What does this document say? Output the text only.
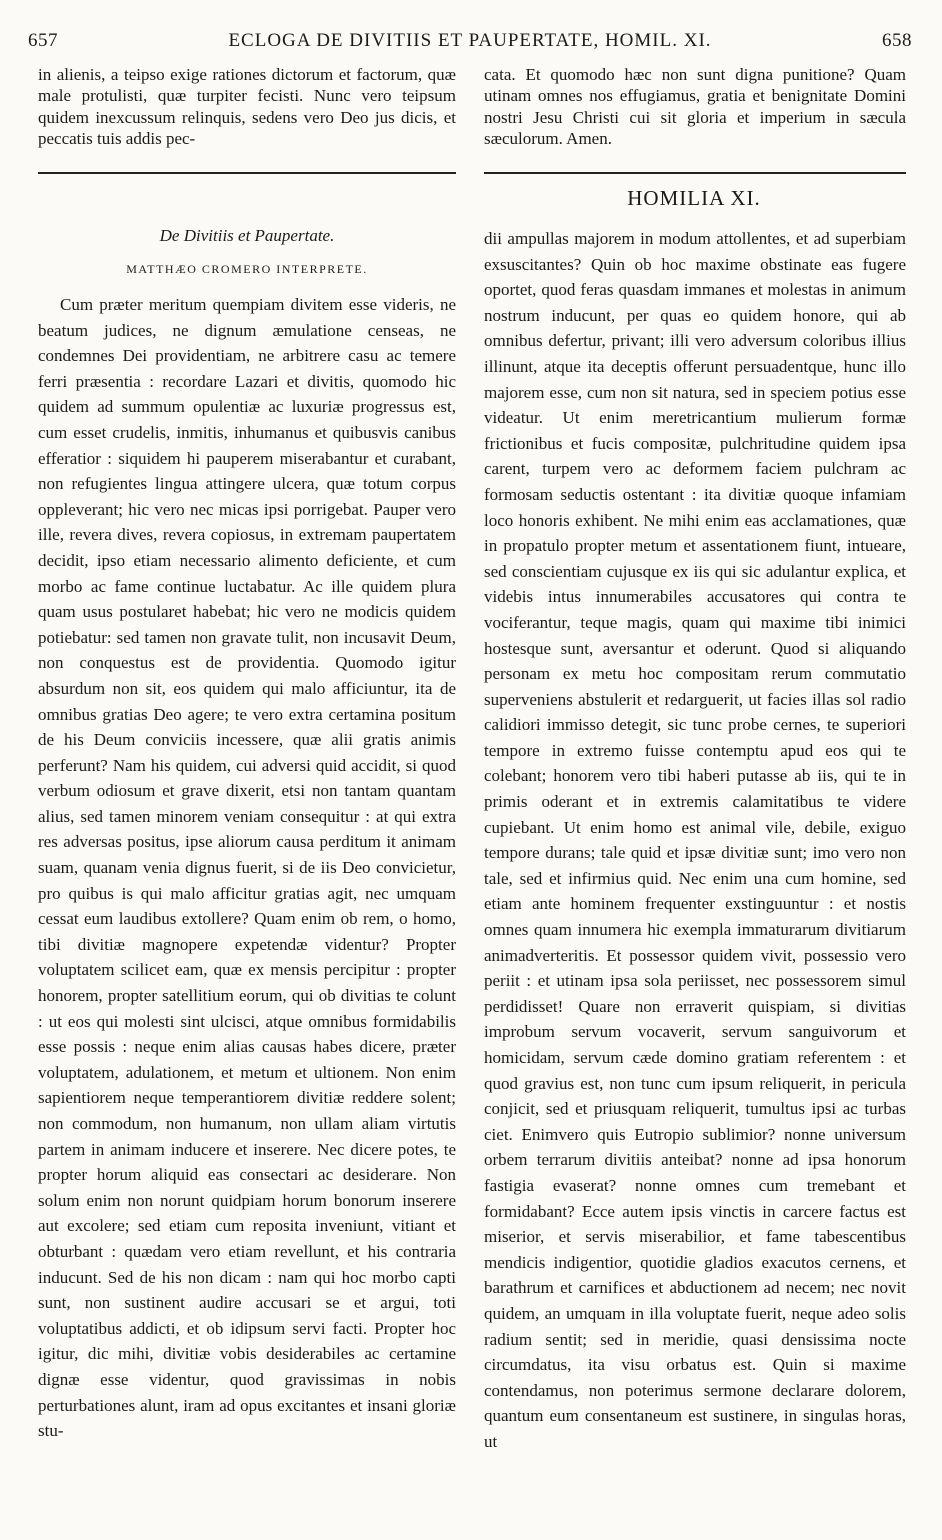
657	ECLOGA DE DIVITIIS ET PAUPERTATE, HOMIL. XI.	658

in alienis, a teipso exige rationes dictorum et factorum, quæ male protulisti, quæ turpiter fecisti. Nunc vero teipsum quidem inexcussum relinquis, sedens vero Deo jus dicis, et peccatis tuis addis pec-

cata. Et quomodo hæc non sunt digna punitione? Quam utinam omnes nos effugiamus, gratia et benignitate Domini nostri Jesu Christi cui sit gloria et imperium in sæcula sæculorum. Amen.

HOMILIA XI.
De Divitiis et Paupertate.
MATTHÆO CROMERO INTERPRETE.

Cum præter meritum quempiam divitem esse videris, ne beatum judices, ne dignum æmulatione censeas, ne condemnes Dei providentiam, ne arbitrere casu ac temere ferri præsentia : recordare Lazari et divitis, quomodo hic quidem ad summum opulentiæ ac luxuriæ progressus est, cum esset crudelis, inmitis, inhumanus et quibusvis canibus efferatior : siquidem hi pauperem miserabantur et curabant, non refugientes lingua attingere ulcera, quæ totum corpus oppleverant; hic vero nec micas ipsi porrigebat. Pauper vero ille, revera dives, revera copiosus, in extremam paupertatem decidit, ipso etiam necessario alimento deficiente, et cum morbo ac fame continue luctabatur. Ac ille quidem plura quam usus postularet habebat; hic vero ne modicis quidem potiebatur: sed tamen non gravate tulit, non incusavit Deum, non conquestus est de providentia. Quomodo igitur absurdum non sit, eos quidem qui malo afficiuntur, ita de omnibus gratias Deo agere; te vero extra certamina positum de his Deum conviciis incessere, quæ alii gratis animis perferunt? Nam his quidem, cui adversi quid accidit, si quod verbum odiosum et grave dixerit, etsi non tantam quantam alius, sed tamen minorem veniam consequitur : at qui extra res adversas positus, ipse aliorum causa perditum it animam suam, quanam venia dignus fuerit, si de iis Deo convicietur, pro quibus is qui malo afficitur gratias agit, nec umquam cessat eum laudibus extollere? Quam enim ob rem, o homo, tibi divitiæ magnopere expetendæ videntur? Propter voluptatem scilicet eam, quæ ex mensis percipitur : propter honorem, propter satellitium eorum, qui ob divitias te colunt : ut eos qui molesti sint ulcisci, atque omnibus formidabilis esse possis : neque enim alias causas habes dicere, præter voluptatem, adulationem, et metum et ultionem. Non enim sapientiorem neque temperantiorem divitiæ reddere solent; non commodum, non humanum, non ullam aliam virtutis partem in animam inducere et inserere. Nec dicere potes, te propter horum aliquid eas consectari ac desiderare. Non solum enim non norunt quidpiam horum bonorum inserere aut excolere; sed etiam cum reposita inveniunt, vitiant et obturbant : quædam vero etiam revellunt, et his contraria inducunt. Sed de his non dicam : nam qui hoc morbo capti sunt, non sustinent audire accusari se et argui, toti voluptatibus addicti, et ob idipsum servi facti. Propter hoc igitur, dic mihi, divitiæ vobis desiderabiles ac certamine dignæ esse videntur, quod gravissimas in nobis perturbationes alunt, iram ad opus excitantes et insani gloriæ stu-

dii ampullas majorem in modum attollentes, et ad superbiam exsuscitantes? Quin ob hoc maxime obstinate eas fugere oportet, quod feras quasdam immanes et molestas in animum nostrum inducunt, per quas eo quidem honore, qui ab omnibus defertur, privant; illi vero adversum coloribus illius illinunt, atque ita deceptis offerunt persuadentque, hunc illo majorem esse, cum non sit natura, sed in speciem potius esse videatur. Ut enim meretricantium mulierum formæ frictionibus et fucis compositæ, pulchritudine quidem ipsa carent, turpem vero ac deformem faciem pulchram ac formosam seductis ostentant : ita divitiæ quoque infamiam loco honoris exhibent. Ne mihi enim eas acclamationes, quæ in propatulo propter metum et assentationem fiunt, intueare, sed conscientiam cujusque ex iis qui sic adulantur explica, et videbis intus innumerabiles accusatores qui contra te vociferantur, teque magis, quam qui maxime tibi inimici hostesque sunt, aversantur et oderunt. Quod si aliquando personam ex metu hoc compositam rerum commutatio superveniens abstulerit et redarguerit, ut facies illas sol radio calidiori immisso detegit, sic tunc probe cernes, te superiori tempore in extremo fuisse contemptu apud eos qui te colebant; honorem vero tibi haberi putasse ab iis, qui te in primis oderant et in extremis calamitatibus te videre cupiebant. Ut enim homo est animal vile, debile, exiguo tempore durans; tale quid et ipsæ divitiæ sunt; imo vero non tale, sed et infirmius quid. Nec enim una cum homine, sed etiam ante hominem frequenter exstinguuntur : et nostis omnes quam innumera hic exempla immaturarum divitiarum animadverteritis. Et possessor quidem vivit, possessio vero periit : et utinam ipsa sola periisset, nec possessorem simul perdidisset! Quare non erraverit quispiam, si divitias improbum servum vocaverit, servum sanguivorum et homicidam, servum cæde domino gratiam referentem : et quod gravius est, non tunc cum ipsum reliquerit, in pericula conjicit, sed et priusquam reliquerit, tumultus ipsi ac turbas ciet. Enimvero quis Eutropio sublimior? nonne universum orbem terrarum divitiis anteibat? nonne ad ipsa honorum fastigia evaserat? nonne omnes cum tremebant et formidabant? Ecce autem ipsis vinctis in carcere factus est miserior, et servis miserabilior, et fame tabescentibus mendicis indigentior, quotidie gladios exacutos cernens, et barathrum et carnifices et abductionem ad necem; nec novit quidem, an umquam in illa voluptate fuerit, neque adeo solis radium sentit; sed in meridie, quasi densissima nocte circumdatus, ita visu orbatus est. Quin si maxime contendamus, non poterimus sermone declarare dolorem, quantum eum consentaneum est sustinere, in singulas horas, ut
